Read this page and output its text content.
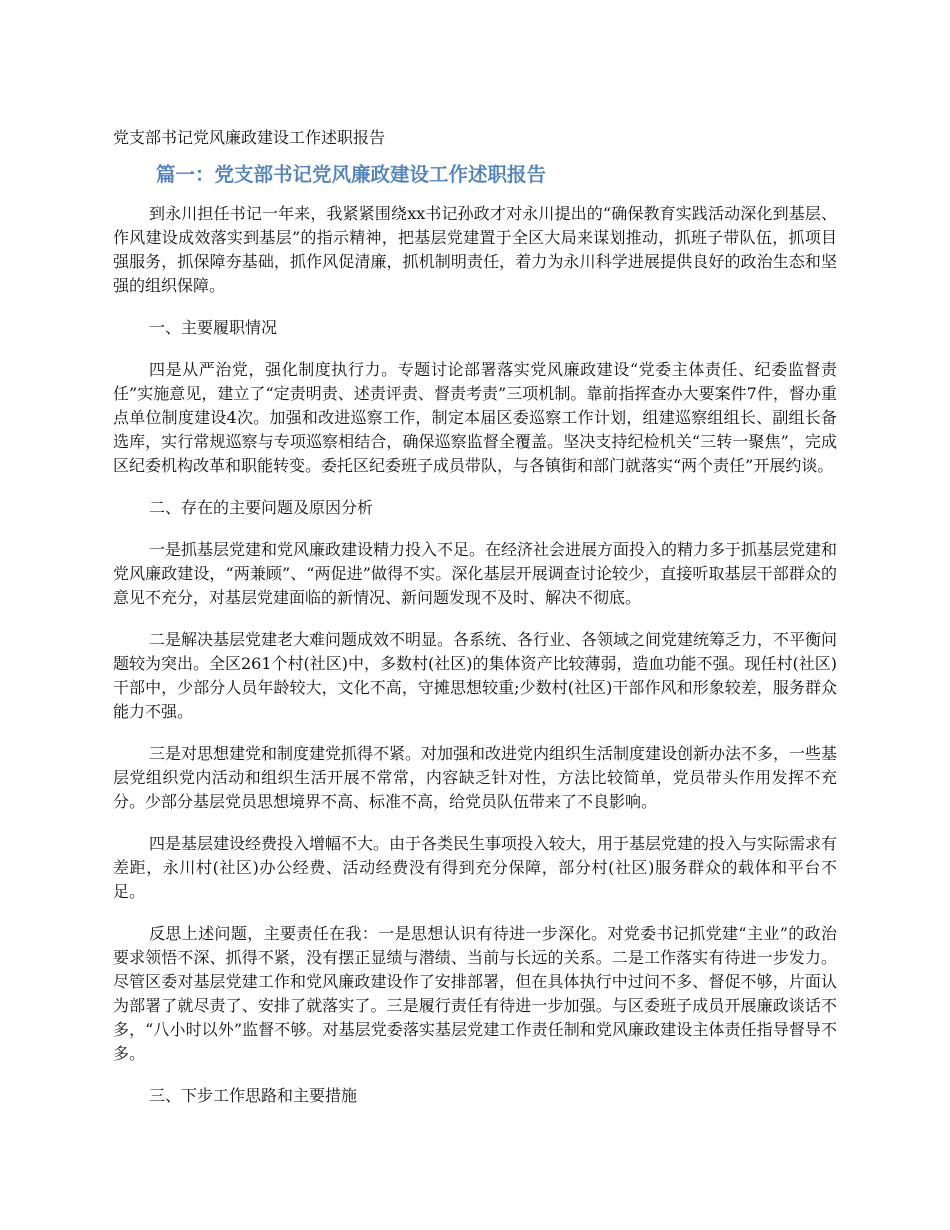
党支部书记党风廉政建设工作述职报告

篇一：党支部书记党风廉政建设工作述职报告

到永川担任书记一年来，我紧紧围绕xx书记孙政才对永川提出的“确保教育实践活动深化到基层、作风建设成效落实到基层”的指示精神，把基层党建置于全区大局来谋划推动，抓班子带队伍，抓项目强服务，抓保障夯基础，抓作风促清廉，抓机制明责任，着力为永川科学进展提供良好的政治生态和坚强的组织保障。

一、主要履职情况

四是从严治党，强化制度执行力。专题讨论部署落实党风廉政建设“党委主体责任、纪委监督责任”实施意见，建立了“定责明责、述责评责、督责考责”三项机制。靠前指挥查办大要案件7件，督办重点单位制度建设4次。加强和改进巡察工作，制定本届区委巡察工作计划，组建巡察组组长、副组长备选库，实行常规巡察与专项巡察相结合，确保巡察监督全覆盖。坚决支持纪检机关“三转一聚焦”，完成区纪委机构改革和职能转变。委托区纪委班子成员带队，与各镇街和部门就落实“两个责任”开展约谈。

二、存在的主要问题及原因分析

一是抓基层党建和党风廉政建设精力投入不足。在经济社会进展方面投入的精力多于抓基层党建和党风廉政建设，“两兼顾”、“两促进”做得不实。深化基层开展调查讨论较少，直接听取基层干部群众的意见不充分，对基层党建面临的新情况、新问题发现不及时、解决不彻底。

二是解决基层党建老大难问题成效不明显。各系统、各行业、各领域之间党建统筹乏力，不平衡问题较为突出。全区261个村(社区)中，多数村(社区)的集体资产比较薄弱，造血功能不强。现任村(社区)干部中，少部分人员年龄较大，文化不高，守摊思想较重;少数村(社区)干部作风和形象较差，服务群众能力不强。

三是对思想建党和制度建党抓得不紧。对加强和改进党内组织生活制度建设创新办法不多，一些基层党组织党内活动和组织生活开展不常常，内容缺乏针对性，方法比较简单，党员带头作用发挥不充分。少部分基层党员思想境界不高、标准不高，给党员队伍带来了不良影响。

四是基层建设经费投入增幅不大。由于各类民生事项投入较大，用于基层党建的投入与实际需求有差距，永川村(社区)办公经费、活动经费没有得到充分保障，部分村(社区)服务群众的载体和平台不足。

反思上述问题，主要责任在我：一是思想认识有待进一步深化。对党委书记抓党建“主业”的政治要求领悟不深、抓得不紧，没有摆正显绩与潜绩、当前与长远的关系。二是工作落实有待进一步发力。尽管区委对基层党建工作和党风廉政建设作了安排部署，但在具体执行中过问不多、督促不够，片面认为部署了就尽责了、安排了就落实了。三是履行责任有待进一步加强。与区委班子成员开展廉政谈话不多，“八小时以外”监督不够。对基层党委落实基层党建工作责任制和党风廉政建设主体责任指导督导不多。

三、下步工作思路和主要措施
